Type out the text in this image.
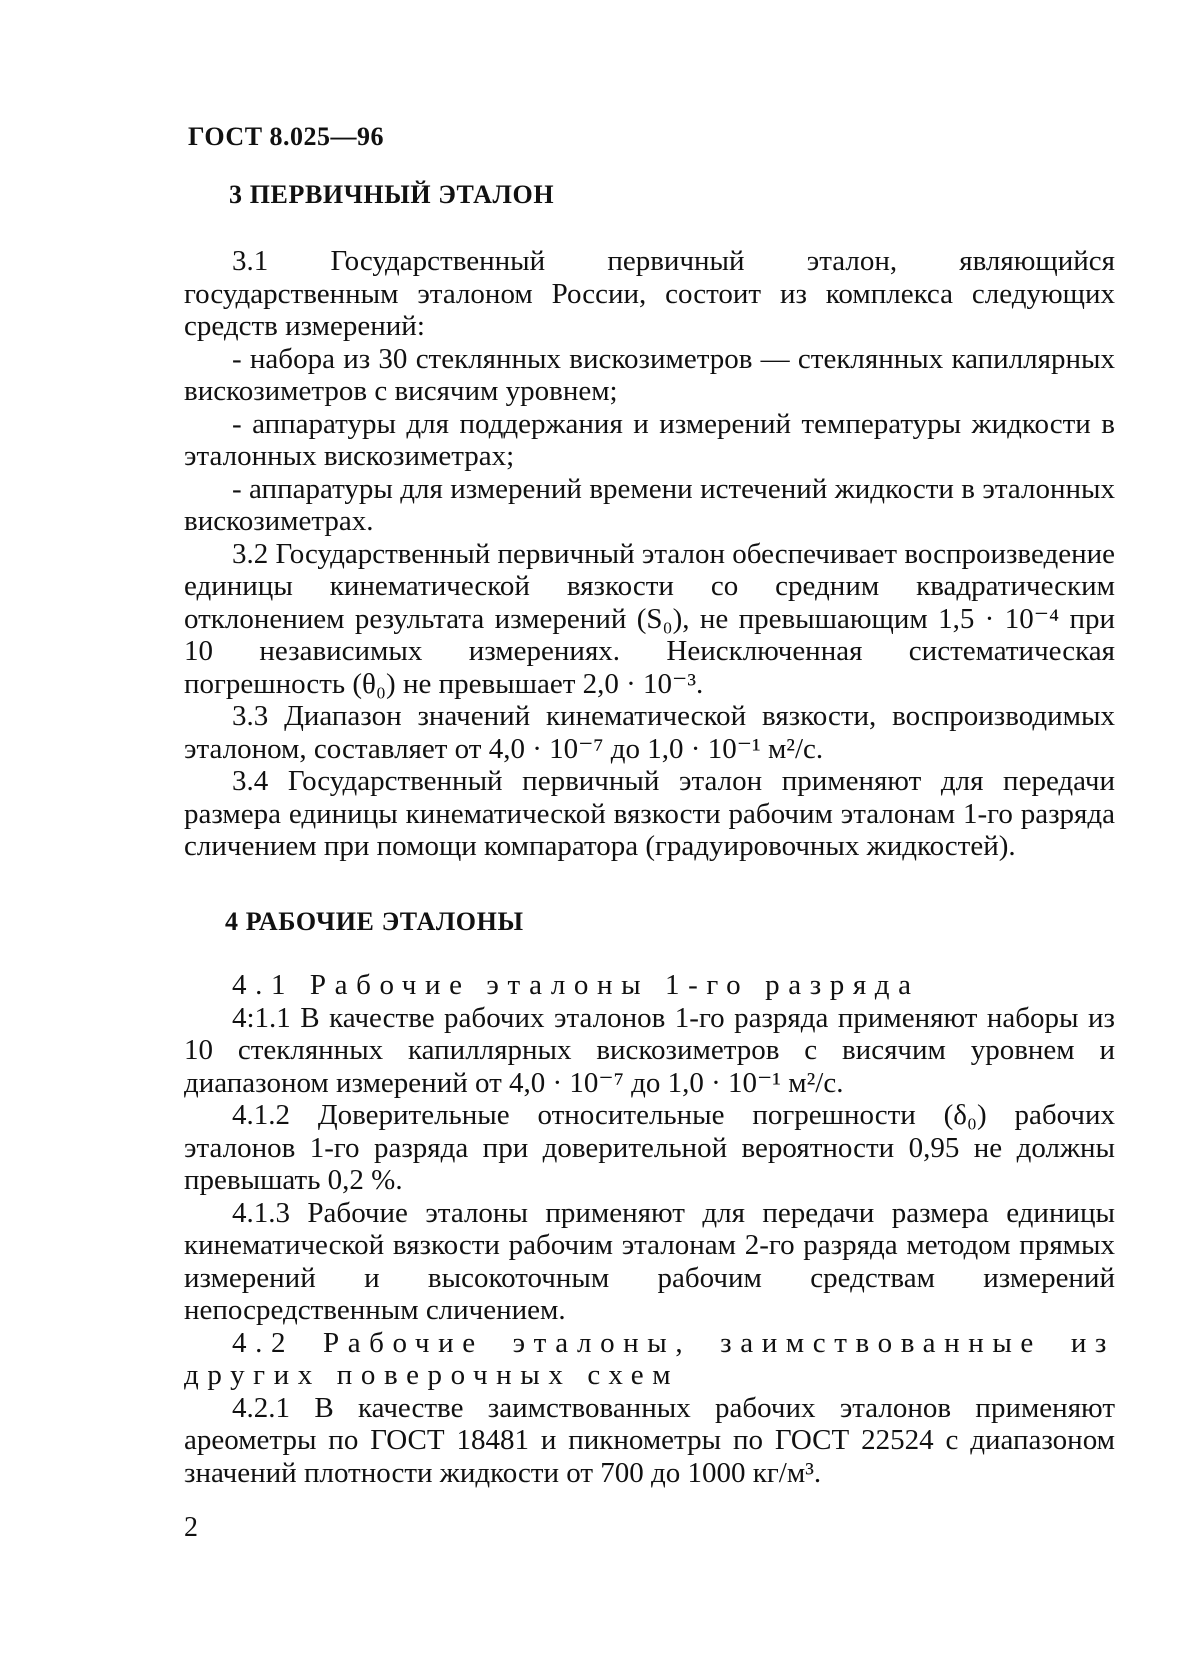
ГОСТ 8.025—96
3 ПЕРВИЧНЫЙ ЭТАЛОН

3.1 Государственный первичный эталон, являющийся государственным эталоном России, состоит из комплекса следующих средств измерений:

- набора из 30 стеклянных вискозиметров — стеклянных капиллярных вискозиметров с висячим уровнем;

- аппаратуры для поддержания и измерений температуры жидкости в эталонных вискозиметрах;

- аппаратуры для измерений времени истечений жидкости в эталонных вискозиметрах.

3.2 Государственный первичный эталон обеспечивает воспроизведение единицы кинематической вязкости со средним квадратическим отклонением результата измерений (S₀), не превышающим 1,5 · 10⁻⁴ при 10 независимых измерениях. Неисключенная систематическая погрешность (θ₀) не превышает 2,0 · 10⁻³.

3.3 Диапазон значений кинематической вязкости, воспроизводимых эталоном, составляет от 4,0 · 10⁻⁷ до 1,0 · 10⁻¹ м²/с.

3.4 Государственный первичный эталон применяют для передачи размера единицы кинематической вязкости рабочим эталонам 1-го разряда сличением при помощи компаратора (градуировочных жидкостей).

4 РАБОЧИЕ ЭТАЛОНЫ

4.1 Рабочие эталоны 1-го разряда

4:1.1 В качестве рабочих эталонов 1-го разряда применяют наборы из 10 стеклянных капиллярных вискозиметров с висячим уровнем и диапазоном измерений от 4,0 · 10⁻⁷ до 1,0 · 10⁻¹ м²/с.

4.1.2 Доверительные относительные погрешности (δ₀) рабочих эталонов 1-го разряда при доверительной вероятности 0,95 не должны превышать 0,2 %.

4.1.3 Рабочие эталоны применяют для передачи размера единицы кинематической вязкости рабочим эталонам 2-го разряда методом прямых измерений и высокоточным рабочим средствам измерений непосредственным сличением.

4.2 Рабочие эталоны, заимствованные из других поверочных схем

4.2.1 В качестве заимствованных рабочих эталонов применяют ареометры по ГОСТ 18481 и пикнометры по ГОСТ 22524 с диапазоном значений плотности жидкости от 700 до 1000 кг/м³.

2
